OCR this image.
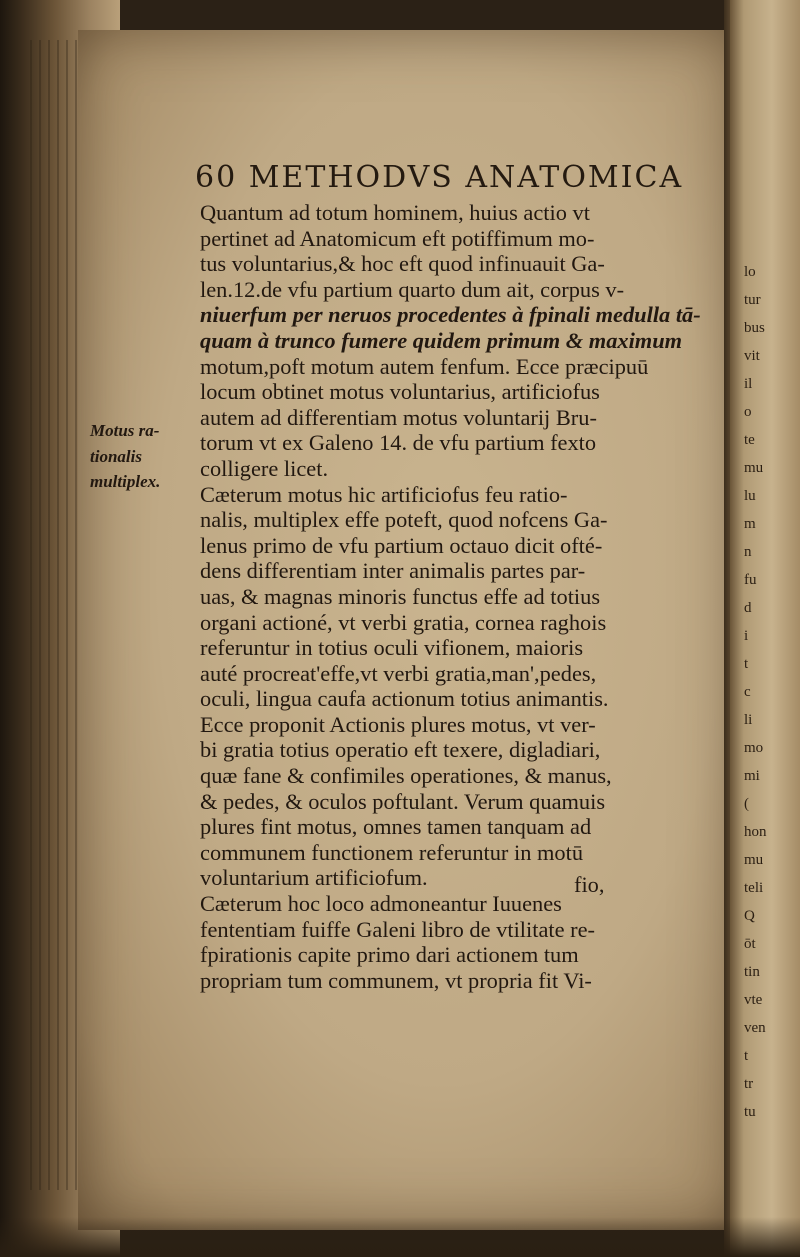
60 METHODVS ANATOMICA
Motus ra-
tionalis
multiplex.
Quantum ad totum hominem, huius actio vt
pertinet ad Anatomicum eft potiffimum mo-
tus voluntarius,& hoc eft quod infinuauit Ga-
len.12.de vfu partium quarto dum ait, corpus v-
niuerfum per neruos procedentes à fpinali medulla tā-
quam à trunco fumere quidem primum & maximum
motum,poft motum autem fenfum. Ecce præcipuū
locum obtinet motus voluntarius, artificiofus
autem ad differentiam motus voluntarij Bru-
torum vt ex Galeno 14. de vfu partium fexto
colligere licet.
Cæterum motus hic artificiofus feu ratio-
nalis, multiplex effe poteft, quod nofcens Ga-
lenus primo de vfu partium octauo dicit ofté-
dens differentiam inter animalis partes par-
uas, & magnas minoris functus effe ad totius
organi actioné, vt verbi gratia, cornea raghois
referuntur in totius oculi vifionem, maioris
auté procreat'effe,vt verbi gratia,man',pedes,
oculi, lingua caufa actionum totius animantis.
Ecce proponit Actionis plures motus, vt ver-
bi gratia totius operatio eft texere, digladiari,
quæ fane & confimiles operationes, & manus,
& pedes, & oculos poftulant. Verum quamuis
plures fint motus, omnes tamen tanquam ad
communem functionem referuntur in motū
voluntarium artificiofum.
Cæterum hoc loco admoneantur Iuuenes
fententiam fuiffe Galeni libro de vtilitate re-
fpirationis capite primo dari actionem tum
propriam tum communem, vt propria fit Vi-
fio,
lo
tur
bus
vit
il
o
te
mu
lu
m
n
fu
d
i
t
c
li
mo
mi
(
hon
mu
teli
Q
ōt
tin
vte
ven
t
tr
tu
